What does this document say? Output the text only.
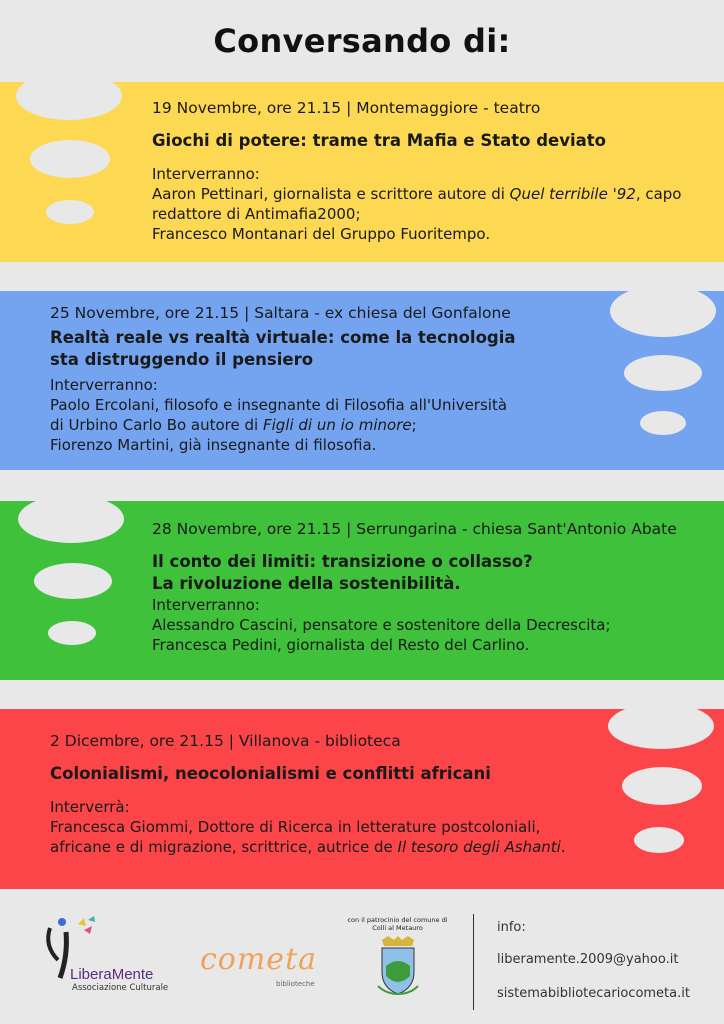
Conversando di:
19 Novembre, ore 21.15 | Montemaggiore - teatro
Giochi di potere: trame tra Mafia e Stato deviato
Interverranno:
Aaron Pettinari, giornalista e scrittore autore di Quel terribile '92, capo
redattore di Antimafia2000;
Francesco Montanari del Gruppo Fuoritempo.
25 Novembre, ore 21.15 | Saltara - ex chiesa del Gonfalone
Realtà reale vs realtà virtuale: come la tecnologia
sta distruggendo il pensiero
Interverranno:
Paolo Ercolani, filosofo e insegnante di Filosofia all'Università
di Urbino Carlo Bo autore di Figli di un io minore;
Fiorenzo Martini, già insegnante di filosofia.
28 Novembre, ore 21.15 | Serrungarina - chiesa Sant'Antonio Abate
Il conto dei limiti: transizione o collasso?
La rivoluzione della sostenibilità.
Interverranno:
Alessandro Cascini, pensatore e sostenitore della Decrescita;
Francesca Pedini, giornalista del Resto del Carlino.
2 Dicembre, ore 21.15 | Villanova - biblioteca
Colonialismi, neocolonialismi e conflitti africani
Interverrà:
Francesca Giommi, Dottore di Ricerca in letterature postcoloniali,
africane e di migrazione, scrittrice, autrice de Il tesoro degli Ashanti.
LiberaMente
Associazione Culturale
cometa
biblioteche
con il patrocinio del comune di
Colli al Metauro	info:
liberamente.2009@yahoo.it
sistemabibliotecariocometa.it
